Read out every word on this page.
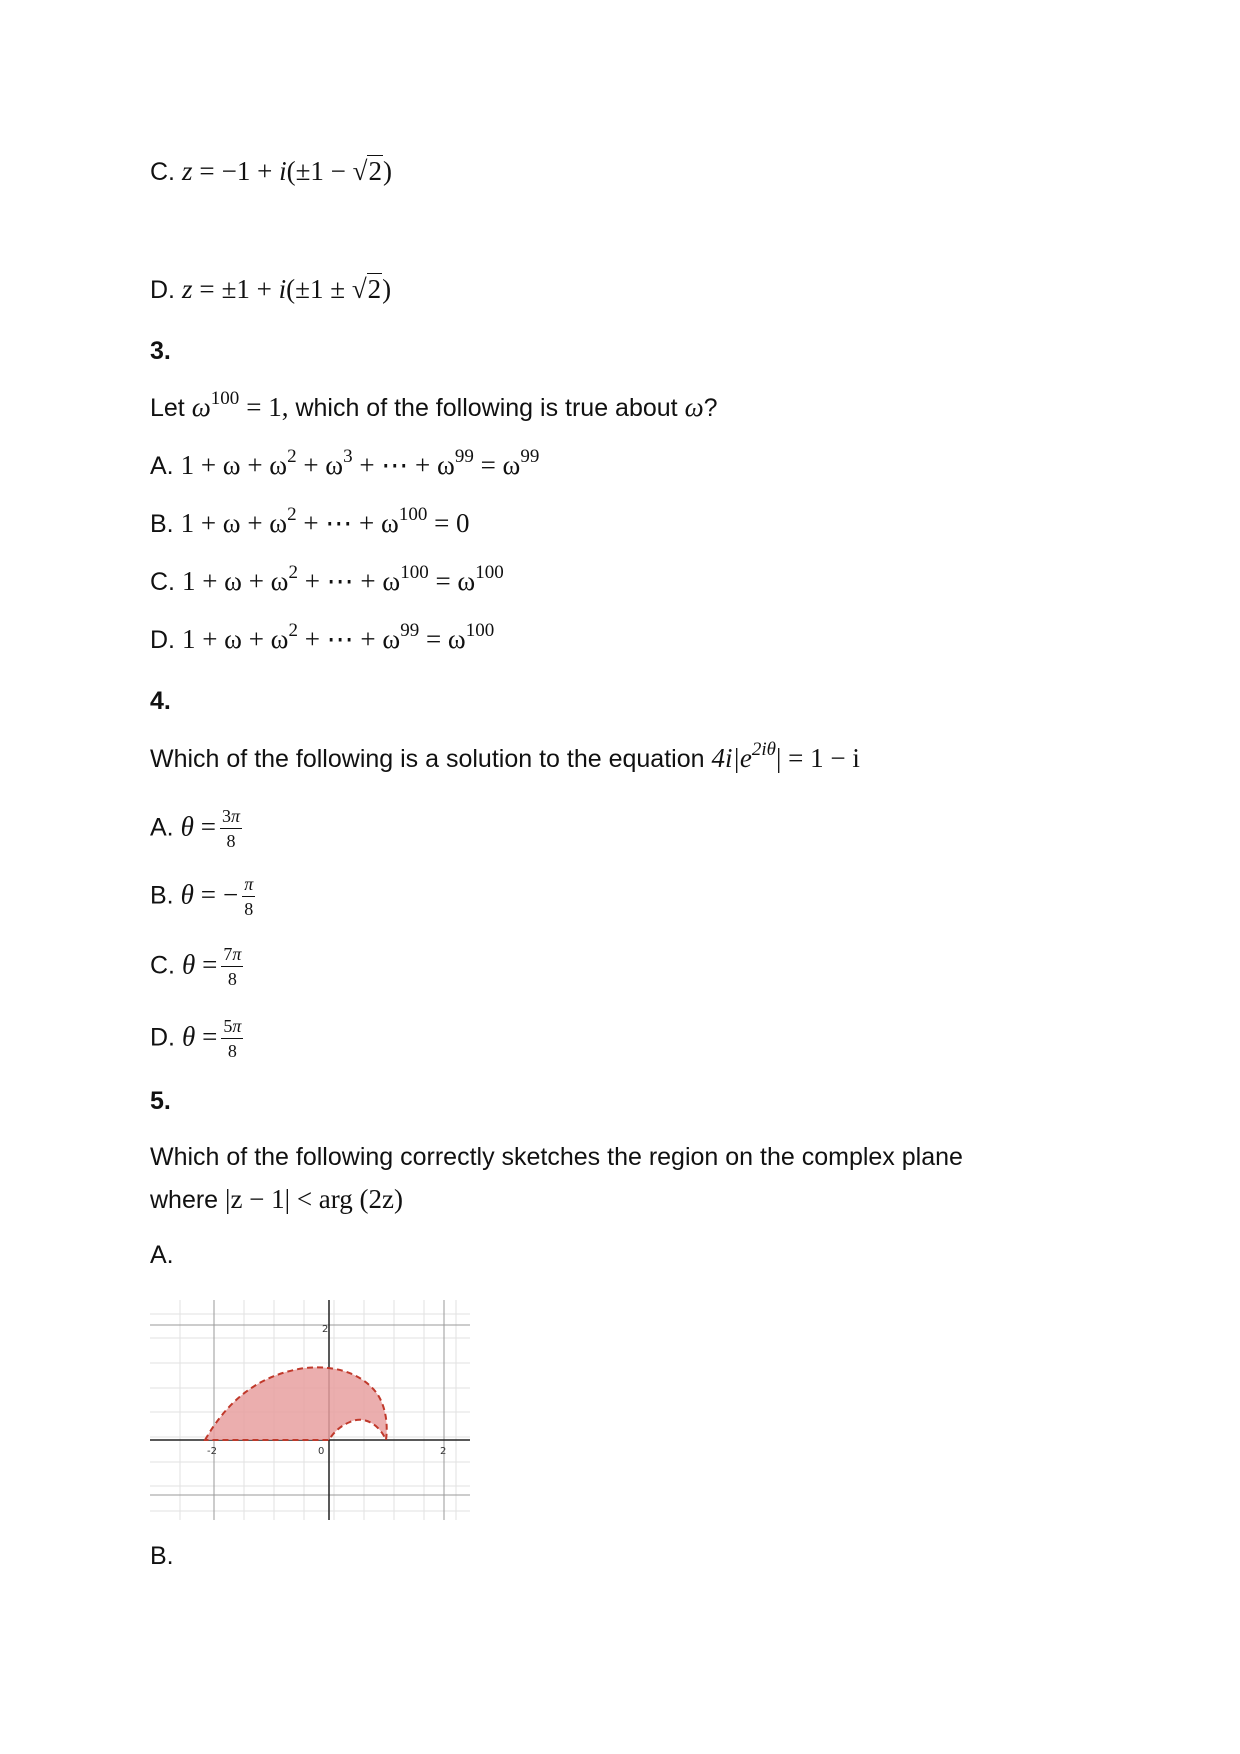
C. z = −1 + i(±1 − √2)
D. z = ±1 + i(±1 ± √2)
3.
Let $\omega^{100} = 1$, which of the following is true about ω?
A. $1 + \omega + \omega^2 + \omega^3$ + ⋯ + $\omega^{99} = \omega^{99}$
B. $1 + \omega + \omega^2$ + ⋯ + $\omega^{100} = 0$
C. $1 + \omega + \omega^2$ + ⋯ + $\omega^{100} = \omega^{100}$
D. $1 + \omega + \omega^2$ + ⋯ + $\omega^{99} = \omega^{100}$
4.
Which of the following is a solution to the equation $4i|e^{2i\theta}| = 1 - i$
A. $\theta = \frac{3\pi}{8}$
B. θ = − $\frac{\pi}{8}$
C. $\theta = \frac{7\pi}{8}$
D. $\theta = \frac{5\pi}{8}$
5.
Which of the following correctly sketches the region on the complex plane
where |z − 1| < arg (2z)
A.
2
-2	0	2
B.
